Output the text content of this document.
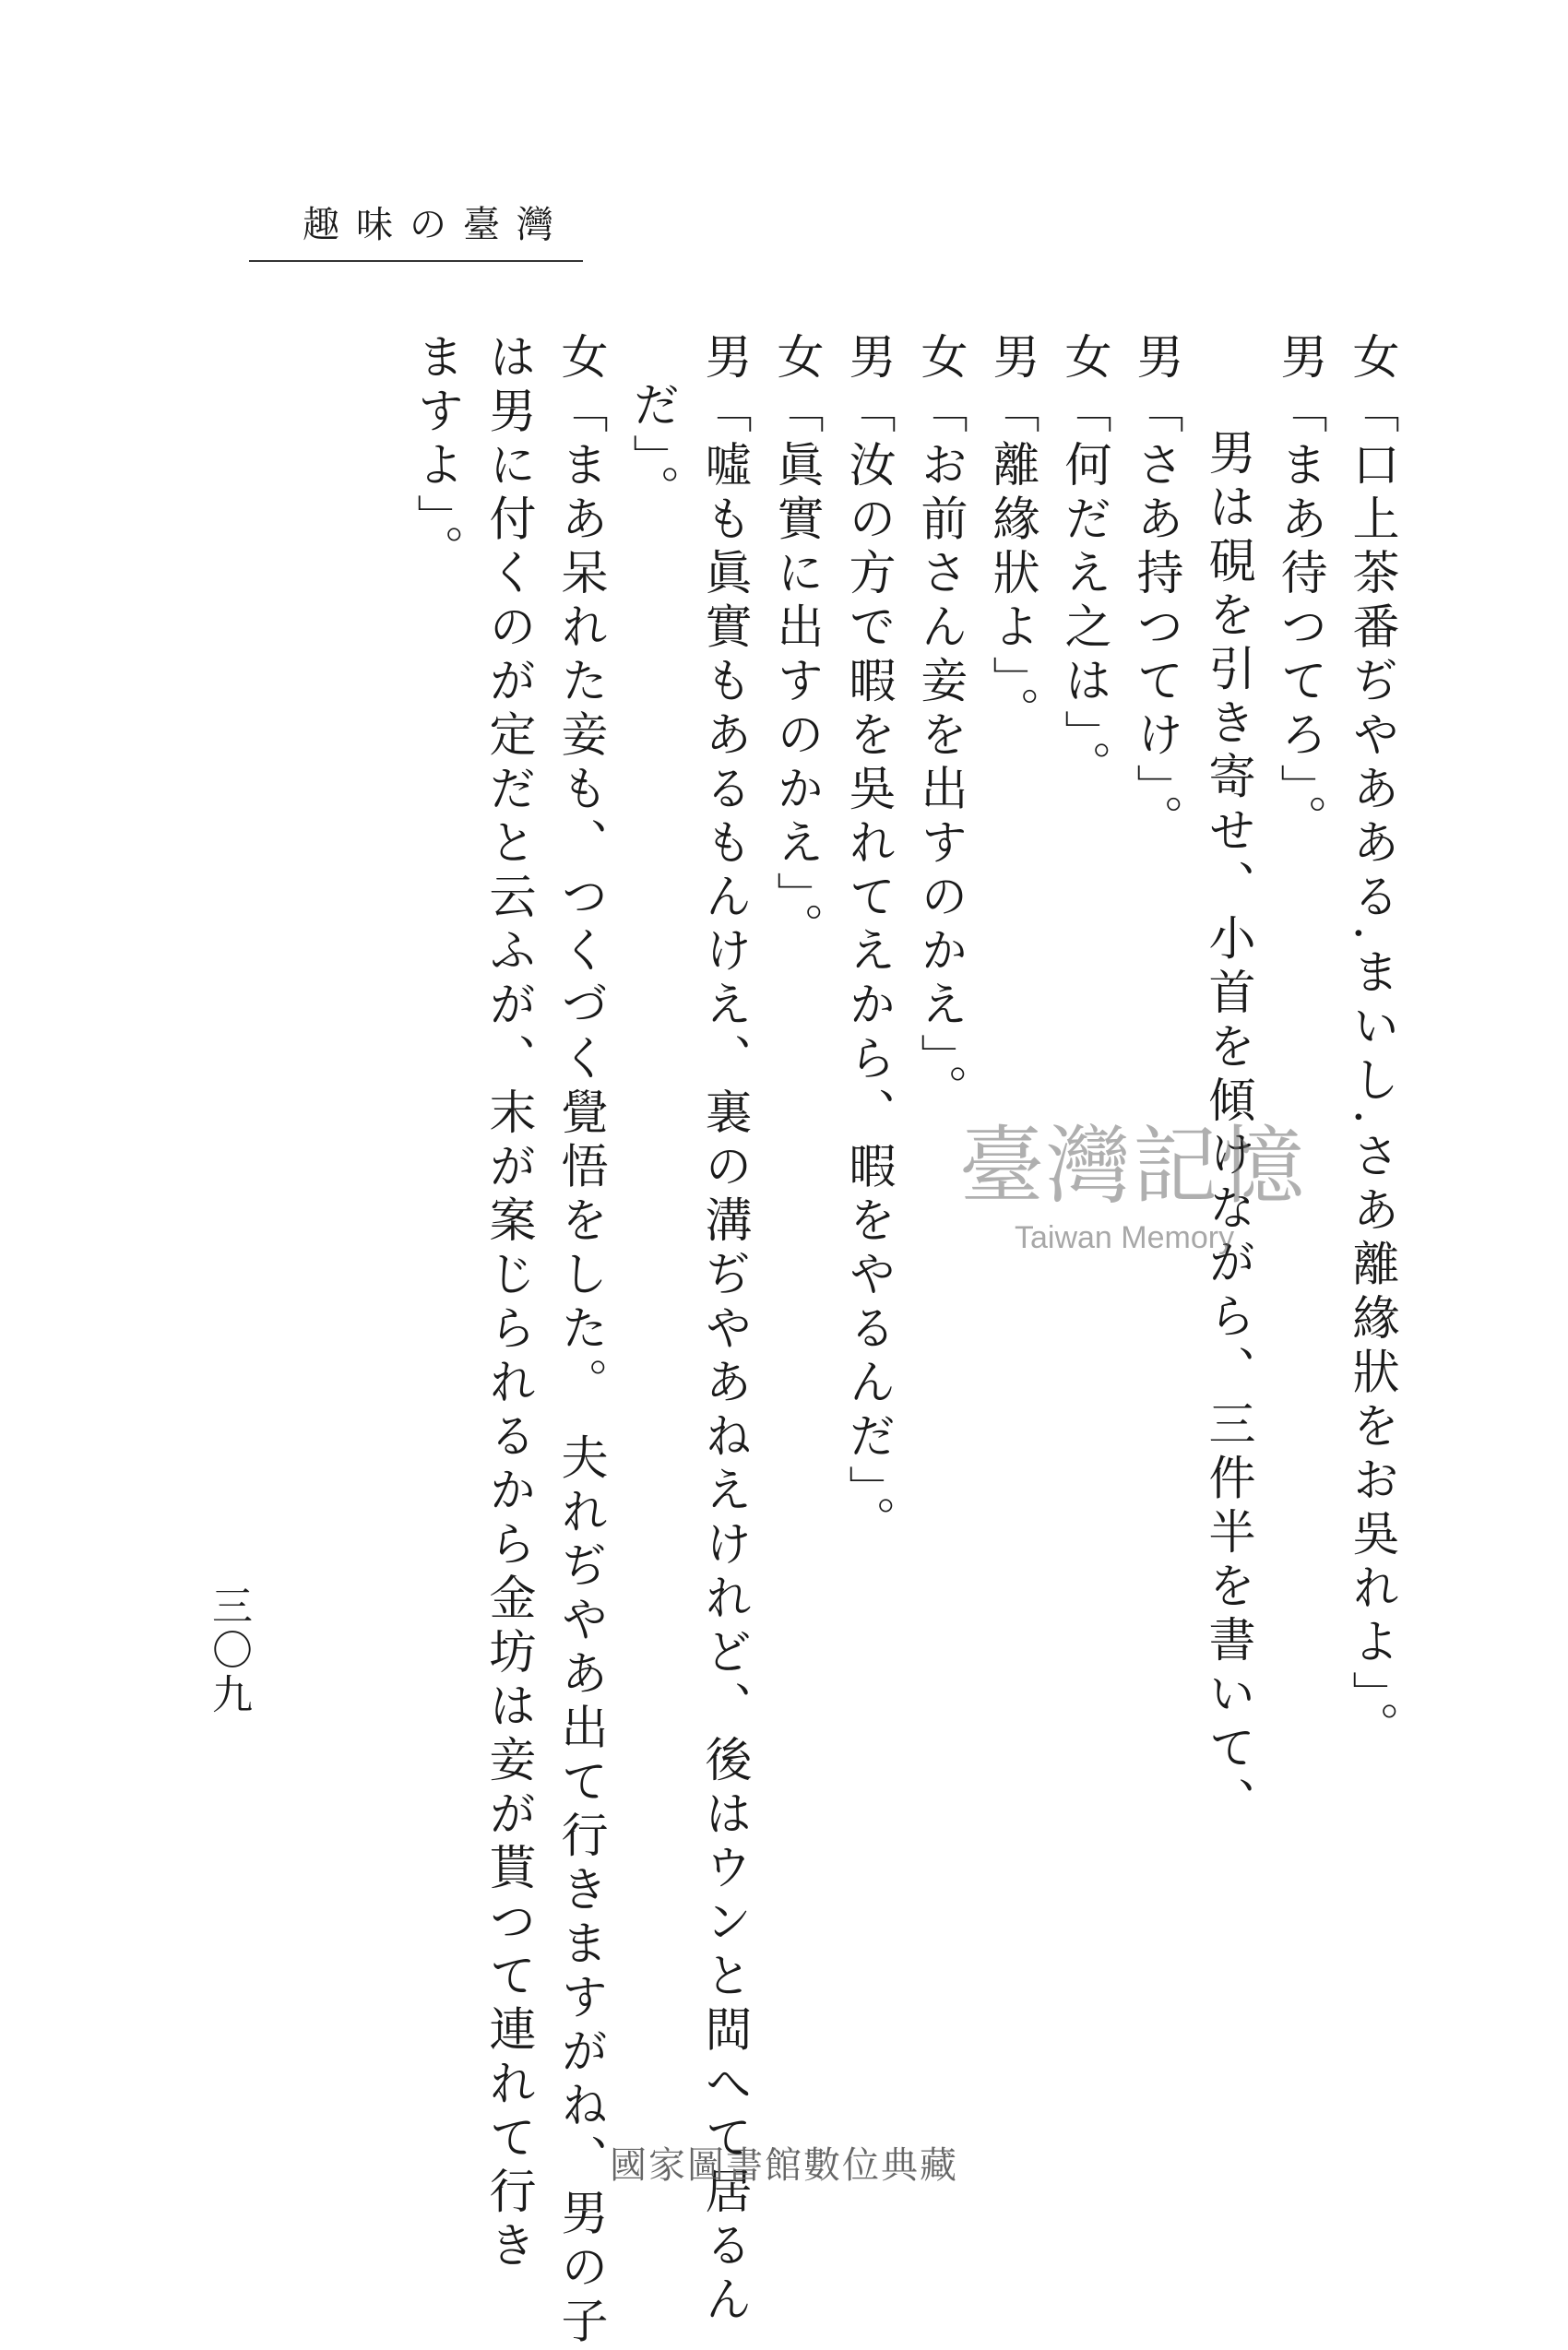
趣味の臺灣
女「口上茶番ぢやあある.まいし.さあ離緣狀をお吳れよ」。
男「まあ待つてろ」。
男は硯を引き寄せ、小首を傾けながら、三件半を書いて、
男「さあ持つてけ」。
女「何だえ之は」。
男「離緣狀よ」。
女「お前さん妾を出すのかえ」。
男「汝の方で暇を吳れてえから、暇をやるんだ」。
女「眞實に出すのかえ」。
男「噓も眞實もあるもんけえ、裏の溝ぢやあねえけれど、後はウンと閊へて居るん
だ」。
女「まあ呆れた妾も、つくづく覺悟をした。 夫れぢやあ出て行きますがね、男の子
は男に付くのが定だと云ふが、末が案じられるから金坊は妾が貰つて連れて行き
ますよ」。
三〇九
臺灣記憶
Taiwan Memory
國家圖書館數位典藏
